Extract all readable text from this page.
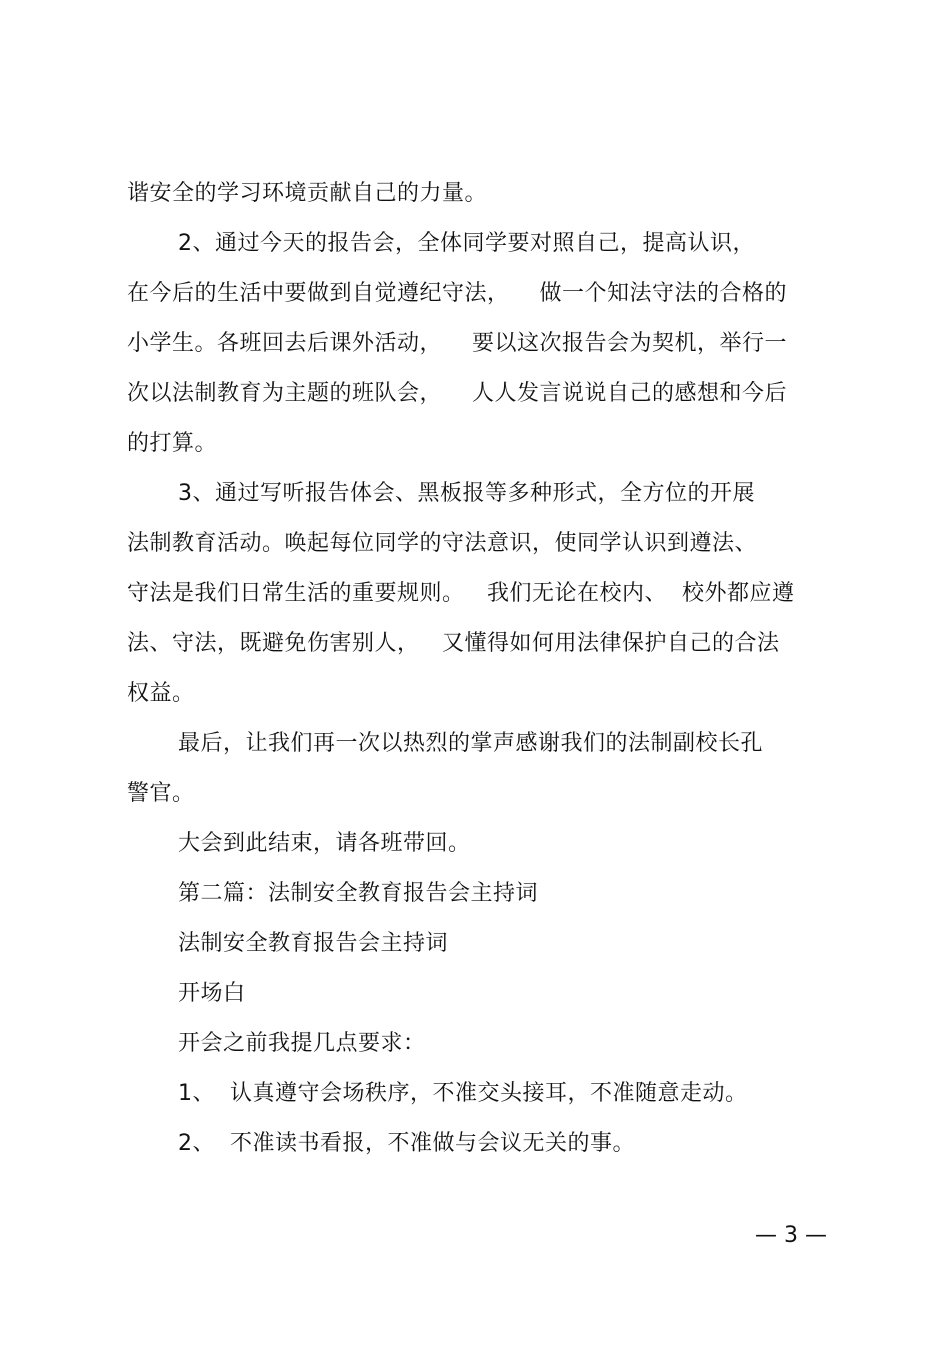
谐安全的学习环境贡献自己的力量。
2、通过今天的报告会，全体同学要对照自己，提高认识，
在今后的生活中要做到自觉遵纪守法，    做一个知法守法的合格的
小学生。各班回去后课外活动，    要以这次报告会为契机，举行一
次以法制教育为主题的班队会，    人人发言说说自己的感想和今后
的打算。
3、通过写听报告体会、黑板报等多种形式，全方位的开展
法制教育活动。唤起每位同学的守法意识，使同学认识到遵法、
守法是我们日常生活的重要规则。   我们无论在校内、  校外都应遵
法、守法，既避免伤害别人，   又懂得如何用法律保护自己的合法
权益。
最后，让我们再一次以热烈的掌声感谢我们的法制副校长孔
警官。
大会到此结束，请各班带回。
第二篇：法制安全教育报告会主持词
法制安全教育报告会主持词
开场白
开会之前我提几点要求：
1、  认真遵守会场秩序，不准交头接耳，不准随意走动。
2、  不准读书看报，不准做与会议无关的事。
— 3 —
